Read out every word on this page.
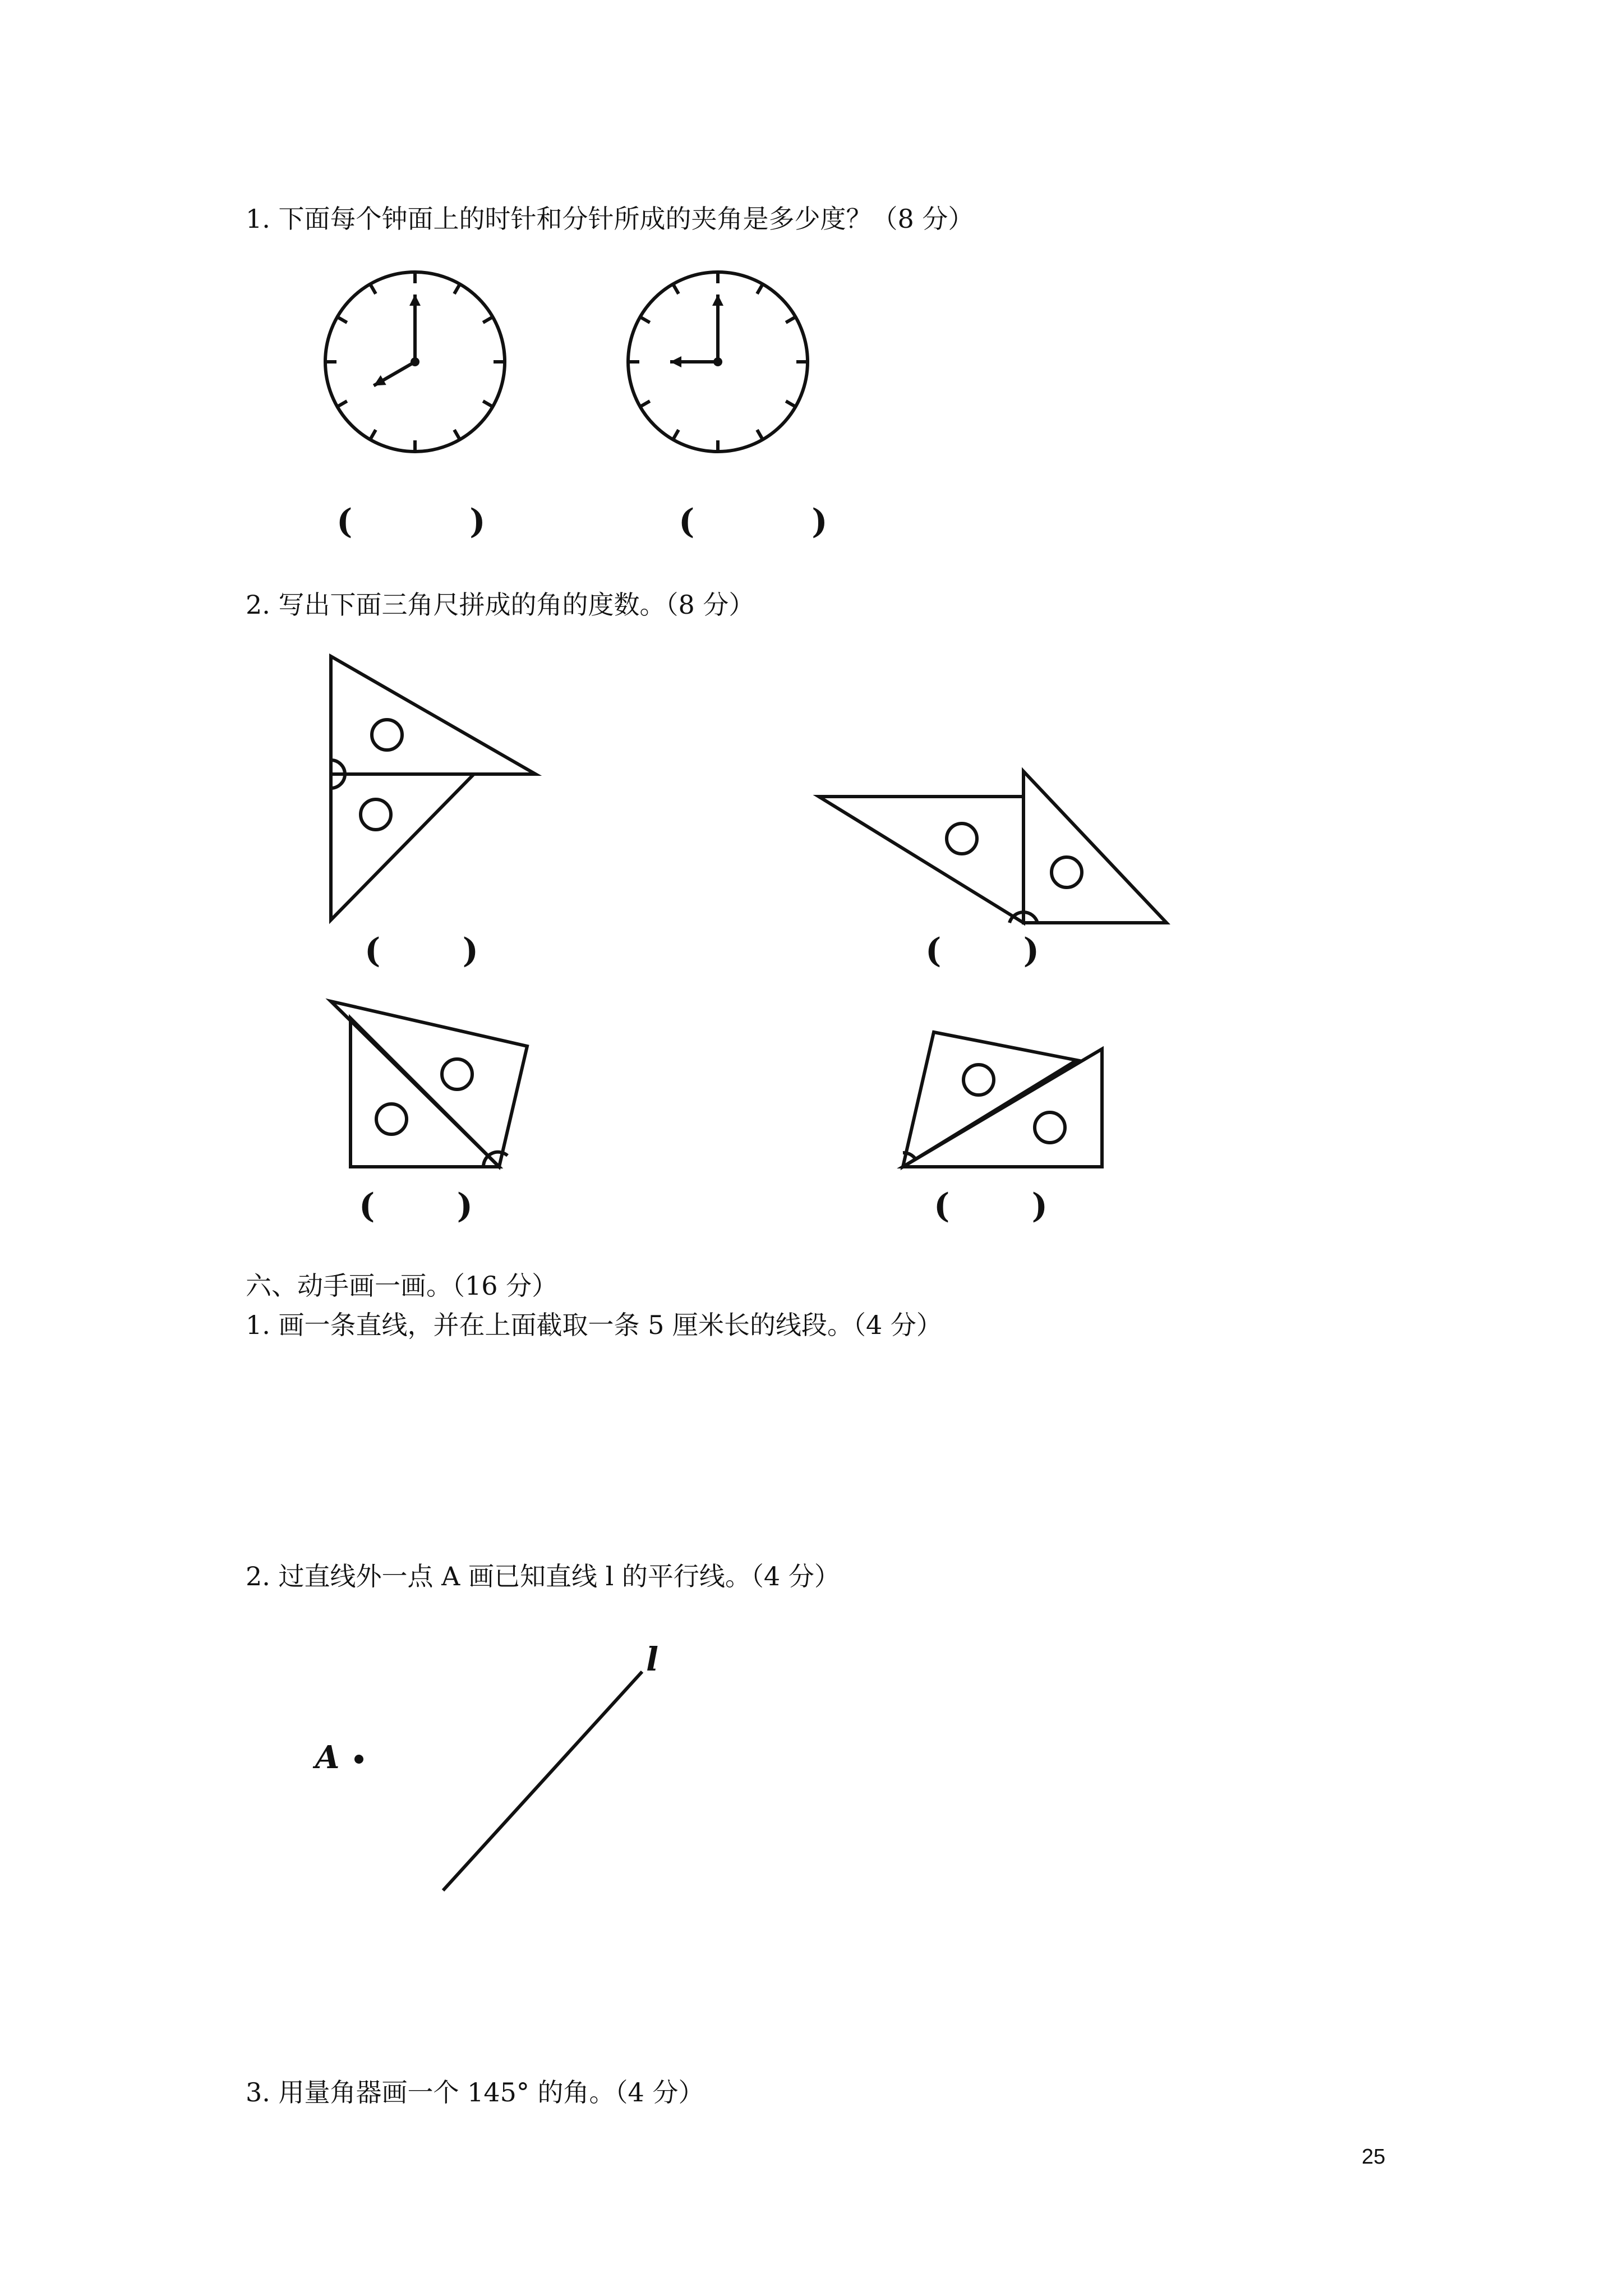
1. 下面每个钟面上的时针和分针所成的夹角是多少度？（8 分）

(          )	(          )

2. 写出下面三角尺拼成的角的度数。（8 分）

(       )	(       )

(       )	(       )

六、动手画一画。（16 分）

1. 画一条直线，并在上面截取一条 5 厘米长的线段。（4 分）

2. 过直线外一点 A 画已知直线 l 的平行线。（4 分）

A
l

3. 用量角器画一个 145° 的角。（4 分）

25
